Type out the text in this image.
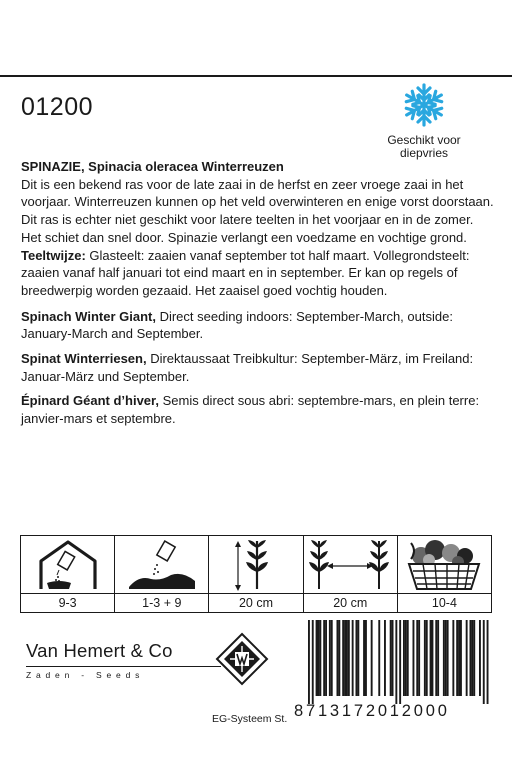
01200
Geschikt voor
diepvries

SPINAZIE, Spinacia oleracea Winterreuzen
Dit is een bekend ras voor de late zaai in de herfst en zeer vroege zaai in het voorjaar. Winterreuzen kunnen op het veld overwinteren en enige vorst doorstaan. Dit ras is echter niet geschikt voor latere teelten in het voorjaar en in de zomer. Het schiet dan snel door. Spinazie verlangt een voedzame en vochtige grond.
Teeltwijze: Glasteelt: zaaien vanaf september tot half maart. Vollegrondsteelt: zaaien vanaf half januari tot eind maart en in september. Er kan op regels of breedwerpig worden gezaaid. Het zaaisel goed vochtig houden.

Spinach Winter Giant, Direct seeding indoors: September-March, outside: January-March and September.

Spinat Winterriesen, Direktaussaat Treibkultur: September-März, im Freiland: Januar-März und September.

Épinard Géant d’hiver, Semis direct sous abri: septembre-mars, en plein terre: janvier-mars et septembre.

9-3	1-3 + 9	20 cm	20 cm	10-4
Van Hemert & Co
Zaden - Seeds
8713172012000
EG-Systeem St.
